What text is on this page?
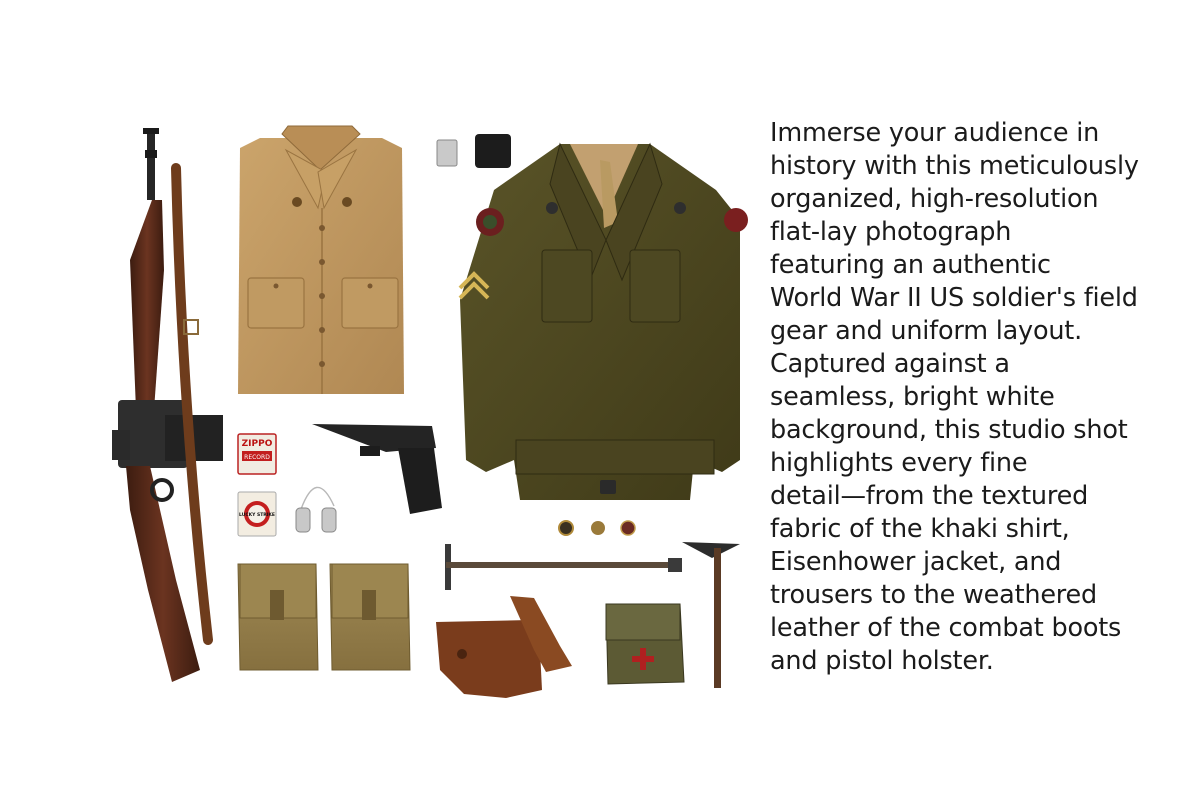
ZIPPO
RECORD
LUCKY STRIKE
Immerse your audience in
history with this meticulously
organized, high-resolution
flat-lay photograph
featuring an authentic
World War II US soldier's field
gear and uniform layout.
Captured against a
seamless, bright white
background, this studio shot
highlights every fine
detail—from the textured
fabric of the khaki shirt,
Eisenhower jacket, and
trousers to the weathered
leather of the combat boots
and pistol holster.
